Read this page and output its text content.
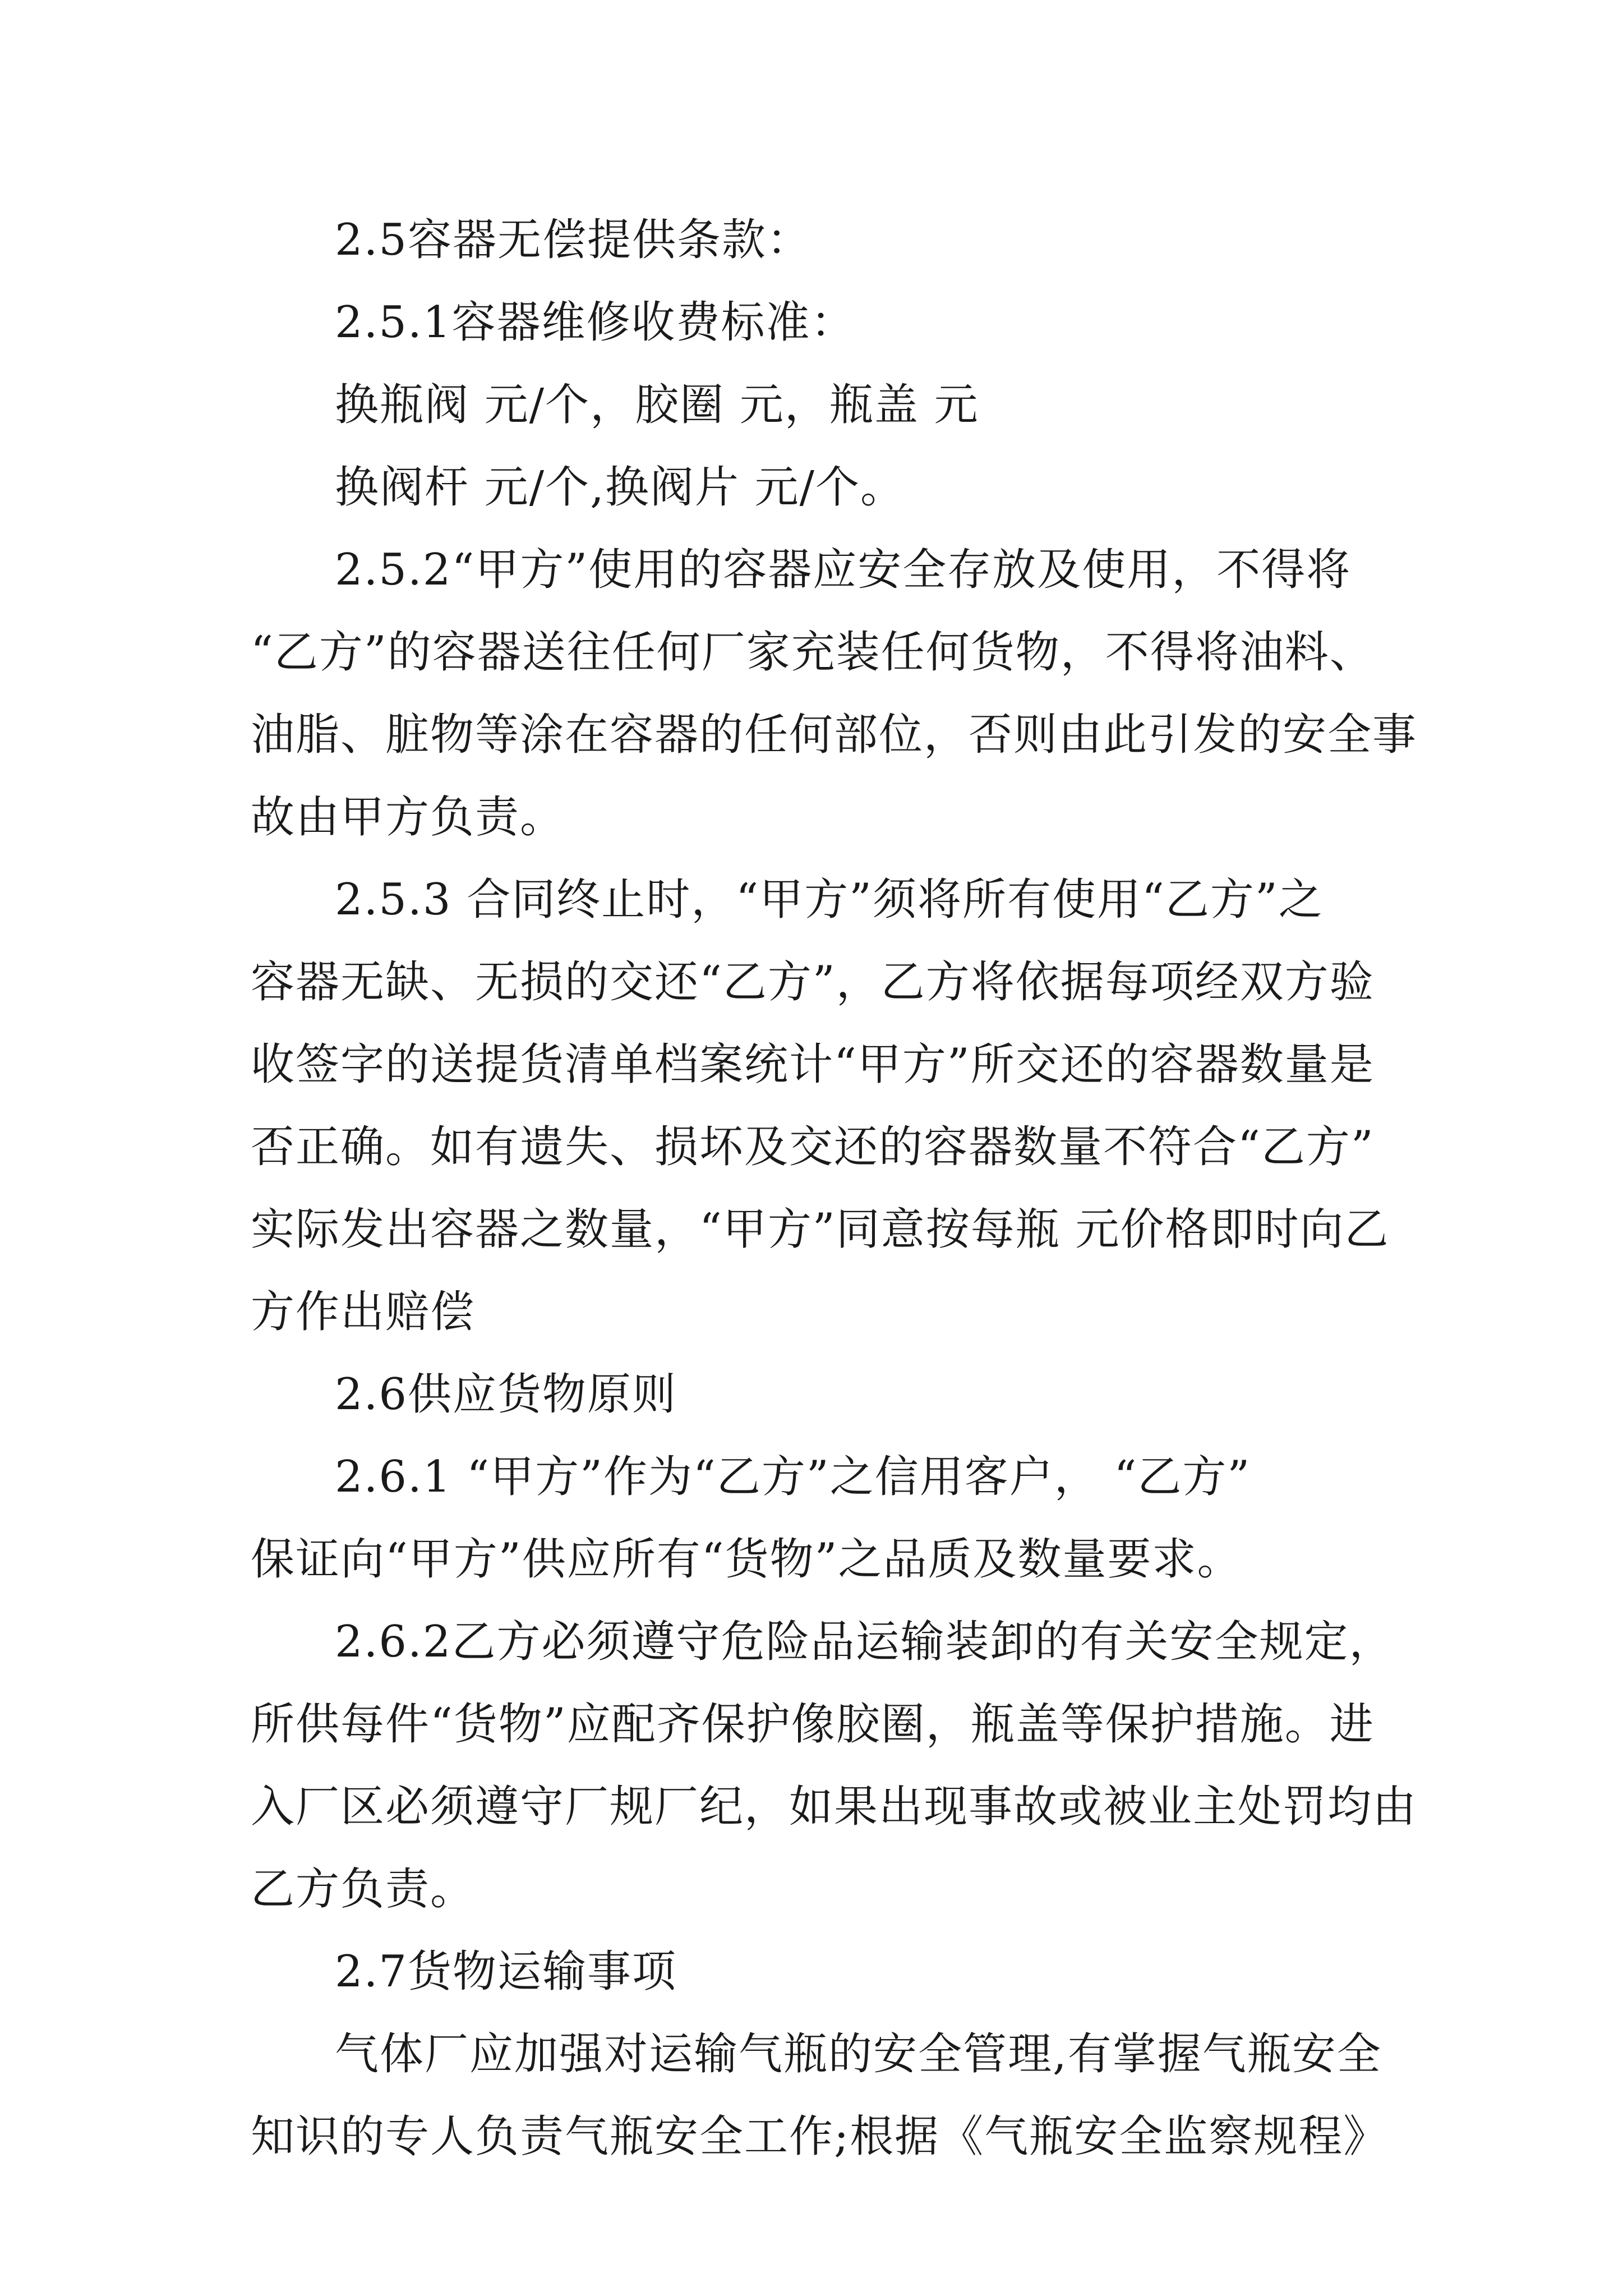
2.5容器无偿提供条款：
2.5.1容器维修收费标准：
换瓶阀 元/个，胶圈 元，瓶盖 元
换阀杆 元/个,换阀片 元/个。
2.5.2“甲方”使用的容器应安全存放及使用，不得将
“乙方”的容器送往任何厂家充装任何货物，不得将油料、
油脂、脏物等涂在容器的任何部位，否则由此引发的安全事
故由甲方负责。
2.5.3 合同终止时，“甲方”须将所有使用“乙方”之
容器无缺、无损的交还“乙方”，乙方将依据每项经双方验
收签字的送提货清单档案统计“甲方”所交还的容器数量是
否正确。如有遗失、损坏及交还的容器数量不符合“乙方”
实际发出容器之数量，“甲方”同意按每瓶 元价格即时向乙
方作出赔偿
2.6供应货物原则
2.6.1 “甲方”作为“乙方”之信用客户， “乙方”
保证向“甲方”供应所有“货物”之品质及数量要求。
2.6.2乙方必须遵守危险品运输装卸的有关安全规定，
所供每件“货物”应配齐保护像胶圈，瓶盖等保护措施。进
入厂区必须遵守厂规厂纪，如果出现事故或被业主处罚均由
乙方负责。
2.7货物运输事项
气体厂应加强对运输气瓶的安全管理,有掌握气瓶安全
知识的专人负责气瓶安全工作;根据《气瓶安全监察规程》
